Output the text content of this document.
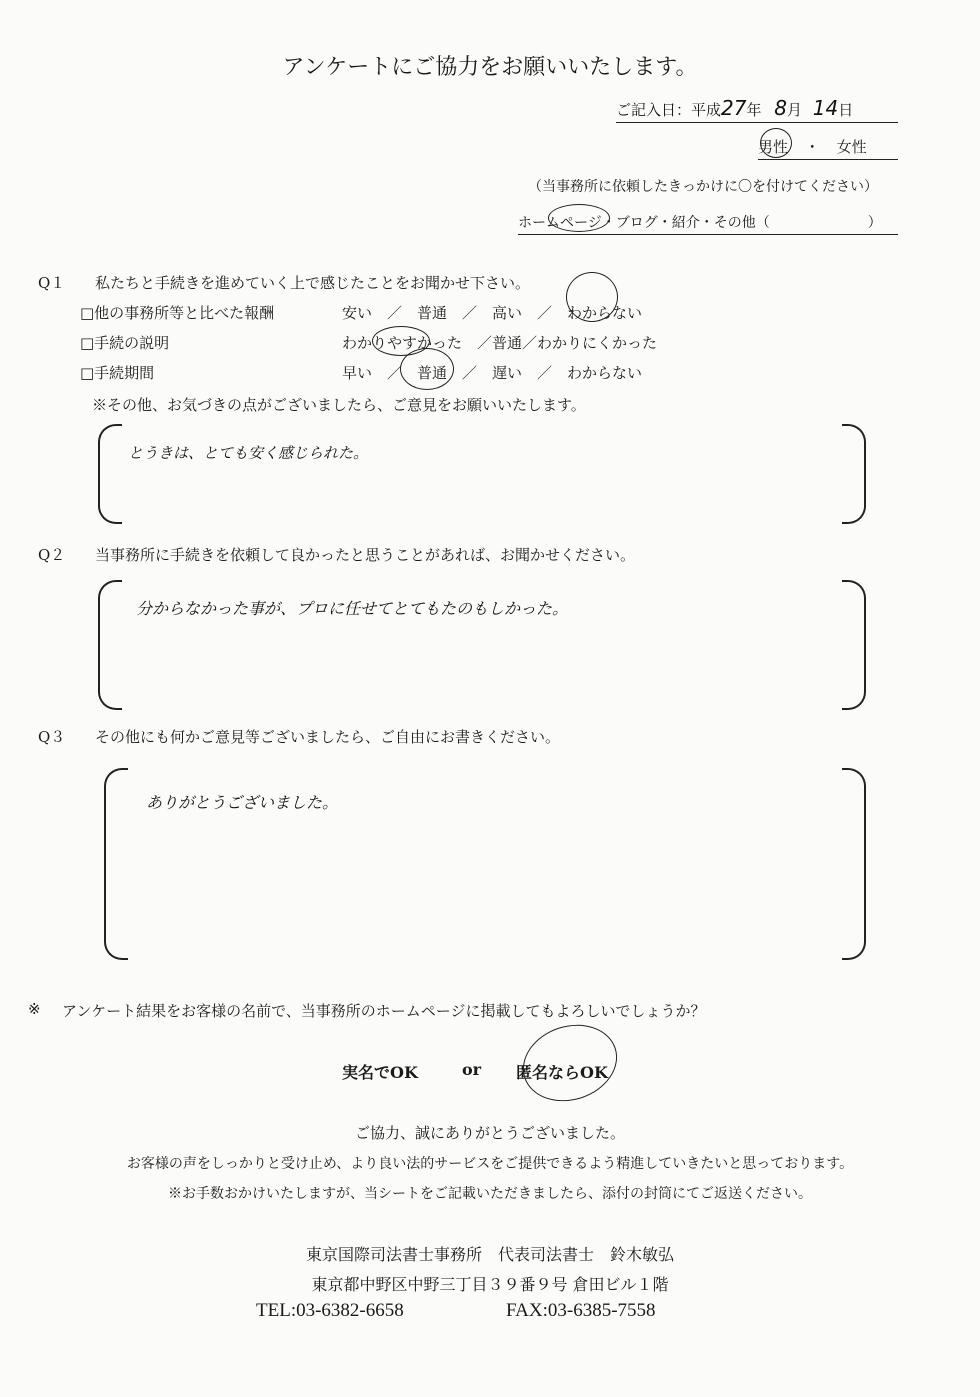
アンケートにご協力をお願いいたします。
ご記入日：平成27年 8月 14日
男性 ・ 女性
（当事務所に依頼したきっかけに〇を付けてください）
ホームページ・ブログ・紹介・その他（　　　　　　　）
Q１ 私たちと手続きを進めていく上で感じたことをお聞かせ下さい。
□他の事務所等と比べた報酬	安い　／　普通　／　高い　／　わからない
□手続の説明	わかりやすかった　／普通／わかりにくかった
□手続期間	早い　／　普通　／　遅い　／　わからない
※その他、お気づきの点がございましたら、ご意見をお願いいたします。
とうきは、とても安く感じられた。
Q２ 当事務所に手続きを依頼して良かったと思うことがあれば、お聞かせください。
分からなかった事が、プロに任せてとてもたのもしかった。
Q３ その他にも何かご意見等ございましたら、ご自由にお書きください。
ありがとうございました。
※ アンケート結果をお客様の名前で、当事務所のホームページに掲載してもよろしいでしょうか？
実名でOK	or 匿名ならOK
ご協力、誠にありがとうございました。
お客様の声をしっかりと受け止め、より良い法的サービスをご提供できるよう精進していきたいと思っております。
※お手数おかけいたしますが、当シートをご記載いただきましたら、添付の封筒にてご返送ください。
東京国際司法書士事務所　代表司法書士　鈴木敏弘
東京都中野区中野三丁目３９番９号 倉田ビル１階
TEL:03-6382-6658	FAX:03-6385-7558
